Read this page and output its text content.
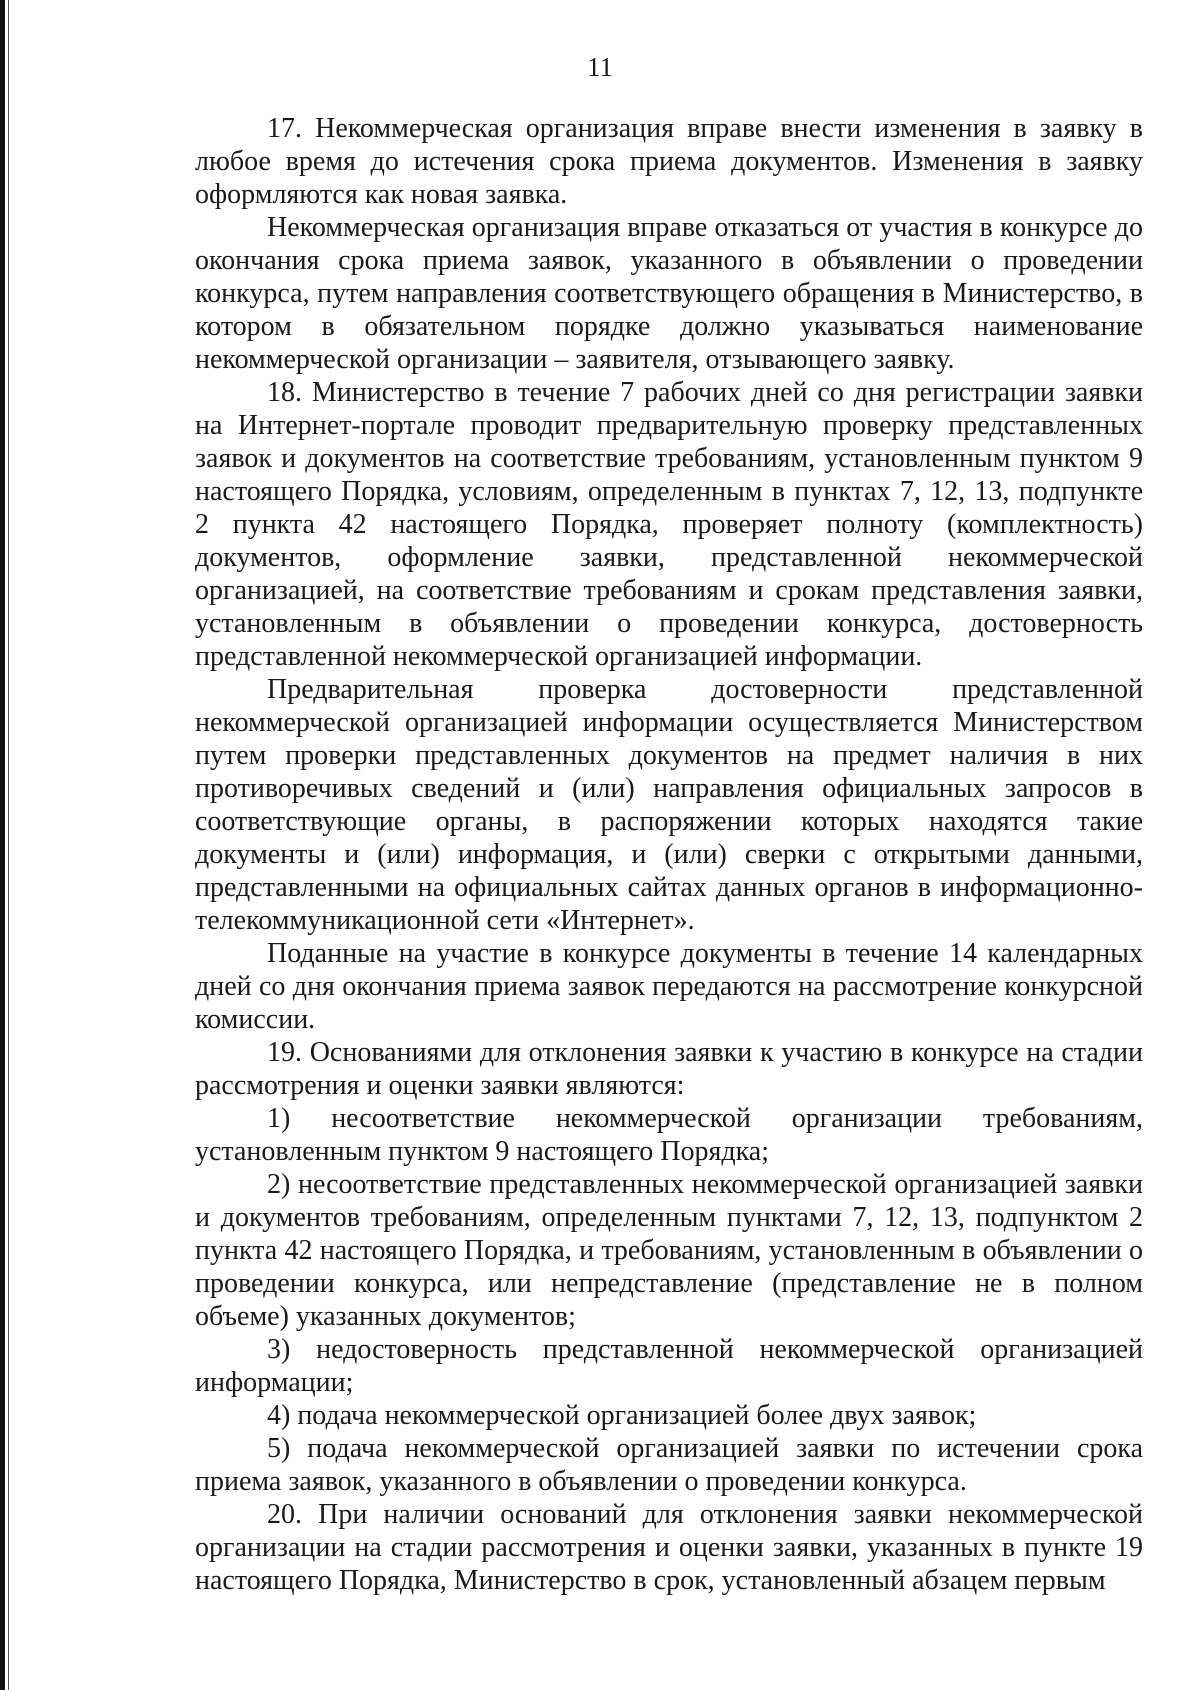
11

17. Некоммерческая организация вправе внести изменения в заявку в любое время до истечения срока приема документов. Изменения в заявку оформляются как новая заявка.

Некоммерческая организация вправе отказаться от участия в конкурсе до окончания срока приема заявок, указанного в объявлении о проведении конкурса, путем направления соответствующего обращения в Министерство, в котором в обязательном порядке должно указываться наименование некоммерческой организации – заявителя, отзывающего заявку.

18. Министерство в течение 7 рабочих дней со дня регистрации заявки на Интернет-портале проводит предварительную проверку представленных заявок и документов на соответствие требованиям, установленным пунктом 9 настоящего Порядка, условиям, определенным в пунктах 7, 12, 13, подпункте 2 пункта 42 настоящего Порядка, проверяет полноту (комплектность) документов, оформление заявки, представленной некоммерческой организацией, на соответствие требованиям и срокам представления заявки, установленным в объявлении о проведении конкурса, достоверность представленной некоммерческой организацией информации.

Предварительная проверка достоверности представленной некоммерческой организацией информации осуществляется Министерством путем проверки представленных документов на предмет наличия в них противоречивых сведений и (или) направления официальных запросов в соответствующие органы, в распоряжении которых находятся такие документы и (или) информация, и (или) сверки с открытыми данными, представленными на официальных сайтах данных органов в информационно-телекоммуникационной сети «Интернет».

Поданные на участие в конкурсе документы в течение 14 календарных дней со дня окончания приема заявок передаются на рассмотрение конкурсной комиссии.

19. Основаниями для отклонения заявки к участию в конкурсе на стадии рассмотрения и оценки заявки являются:

1) несоответствие некоммерческой организации требованиям, установленным пунктом 9 настоящего Порядка;

2) несоответствие представленных некоммерческой организацией заявки и документов требованиям, определенным пунктами 7, 12, 13, подпунктом 2 пункта 42 настоящего Порядка, и требованиям, установленным в объявлении о проведении конкурса, или непредставление (представление не в полном объеме) указанных документов;

3) недостоверность представленной некоммерческой организацией информации;

4) подача некоммерческой организацией более двух заявок;

5) подача некоммерческой организацией заявки по истечении срока приема заявок, указанного в объявлении о проведении конкурса.

20. При наличии оснований для отклонения заявки некоммерческой организации на стадии рассмотрения и оценки заявки, указанных в пункте 19 настоящего Порядка, Министерство в срок, установленный абзацем первым
